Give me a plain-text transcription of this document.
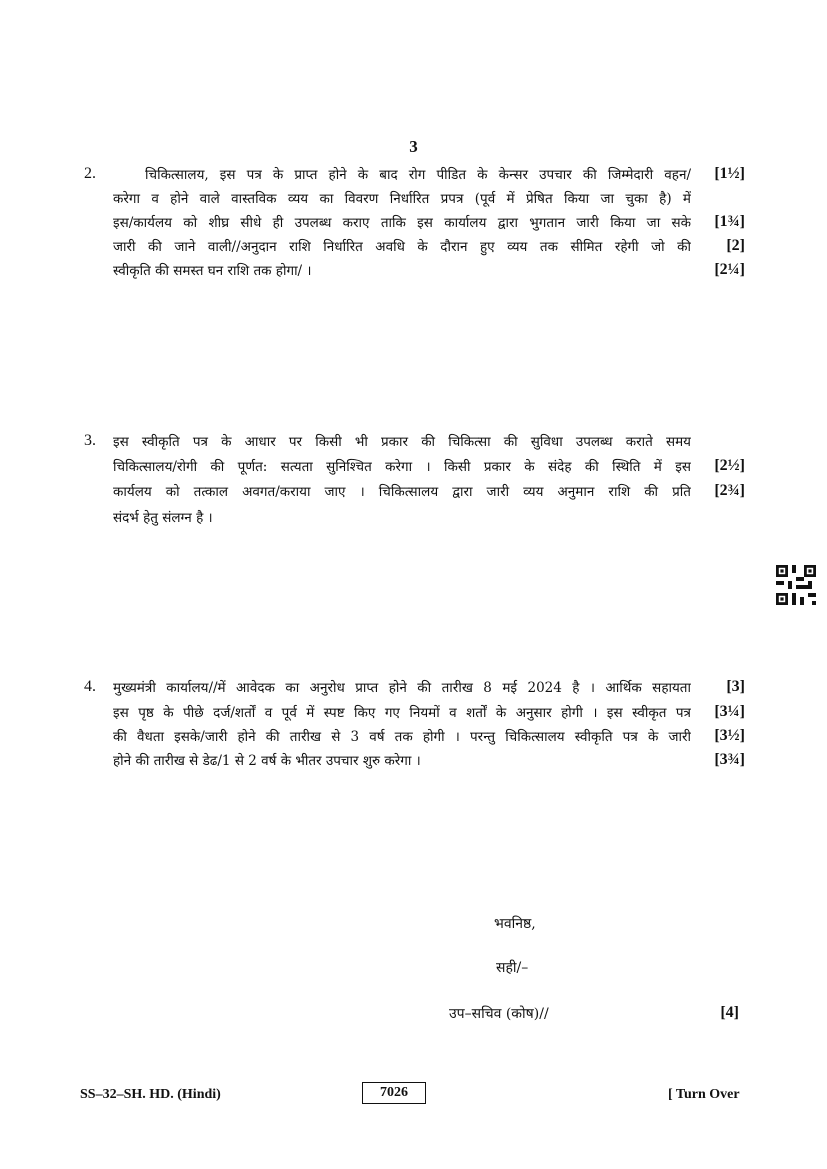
3
2.	चिकित्सालय, इस पत्र के प्राप्त होने के बाद रोग पीडित के केन्सर उपचार की जिम्मेदारी वहन/
करेगा व होने वाले वास्तविक व्यय का विवरण निर्धारित प्रपत्र (पूर्व में प्रेषित किया जा चुका है) में
इस/कार्यलय को शीघ्र सीधे ही उपलब्ध कराए ताकि इस कार्यालय द्वारा भुगतान जारी किया जा सके
जारी की जाने वाली//अनुदान राशि निर्धारित अवधि के दौरान हुए व्यय तक सीमित रहेगी जो की
स्वीकृति की समस्त घन राशि तक होगा/ ।
[1½]
[1¾]
[2]
[2¼]
3. इस स्वीकृति पत्र के आधार पर किसी भी प्रकार की चिकित्सा की सुविधा उपलब्ध कराते समय
चिकित्सालय/रोगी की पूर्णत: सत्यता सुनिश्चित करेगा । किसी प्रकार के संदेह की स्थिति में इस
कार्यलय को तत्काल अवगत/कराया जाए । चिकित्सालय द्वारा जारी व्यय अनुमान राशि की प्रति
संदर्भ हेतु संलग्न है ।
[2½]
[2¾]
4. मुख्यमंत्री कार्यालय//में आवेदक का अनुरोध प्राप्त होने की तारीख 8 मई 2024 है । आर्थिक सहायता
इस पृष्ठ के पीछे दर्ज/शर्तों व पूर्व में स्पष्ट किए गए नियमों व शर्तों के अनुसार होगी । इस स्वीकृत पत्र
की वैधता इसके/जारी होने की तारीख से 3 वर्ष तक होगी । परन्तु चिकित्सालय स्वीकृति पत्र के जारी
होने की तारीख से डेढ/1 से 2 वर्ष के भीतर उपचार शुरु करेगा ।
[3]
[3¼]
[3½]
[3¾]
भवनिष्ठ,
सही/–
उप–सचिव (कोष)//	[4]
SS–32–SH. HD. (Hindi)	7026	[ Turn Over
